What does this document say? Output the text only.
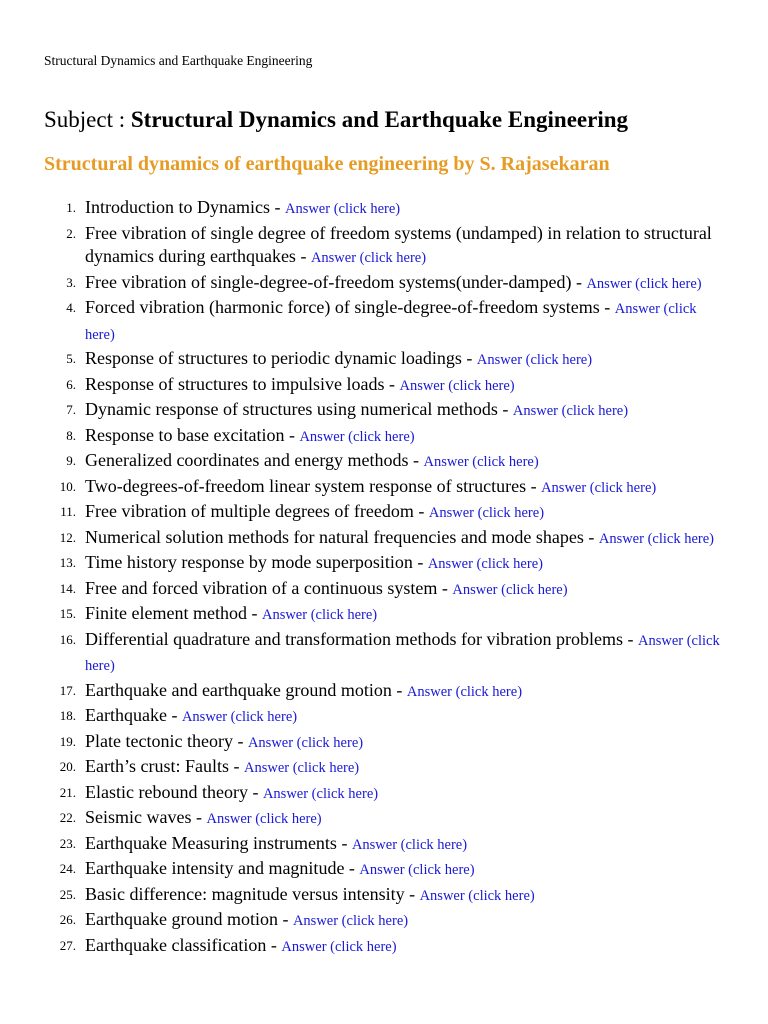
Structural Dynamics and Earthquake Engineering
Subject : Structural Dynamics and Earthquake Engineering
Structural dynamics of earthquake engineering by S. Rajasekaran
1. Introduction to Dynamics - Answer (click here)
2. Free vibration of single degree of freedom systems (undamped) in relation to structural dynamics during earthquakes - Answer (click here)
3. Free vibration of single-degree-of-freedom systems(under-damped) - Answer (click here)
4. Forced vibration (harmonic force) of single-degree-of-freedom systems - Answer (click here)
5. Response of structures to periodic dynamic loadings - Answer (click here)
6. Response of structures to impulsive loads - Answer (click here)
7. Dynamic response of structures using numerical methods - Answer (click here)
8. Response to base excitation - Answer (click here)
9. Generalized coordinates and energy methods - Answer (click here)
10. Two-degrees-of-freedom linear system response of structures - Answer (click here)
11. Free vibration of multiple degrees of freedom - Answer (click here)
12. Numerical solution methods for natural frequencies and mode shapes - Answer (click here)
13. Time history response by mode superposition - Answer (click here)
14. Free and forced vibration of a continuous system - Answer (click here)
15. Finite element method - Answer (click here)
16. Differential quadrature and transformation methods for vibration problems - Answer (click here)
17. Earthquake and earthquake ground motion - Answer (click here)
18. Earthquake - Answer (click here)
19. Plate tectonic theory - Answer (click here)
20. Earth’s crust: Faults - Answer (click here)
21. Elastic rebound theory - Answer (click here)
22. Seismic waves - Answer (click here)
23. Earthquake Measuring instruments - Answer (click here)
24. Earthquake intensity and magnitude - Answer (click here)
25. Basic difference: magnitude versus intensity - Answer (click here)
26. Earthquake ground motion - Answer (click here)
27. Earthquake classification - Answer (click here)
